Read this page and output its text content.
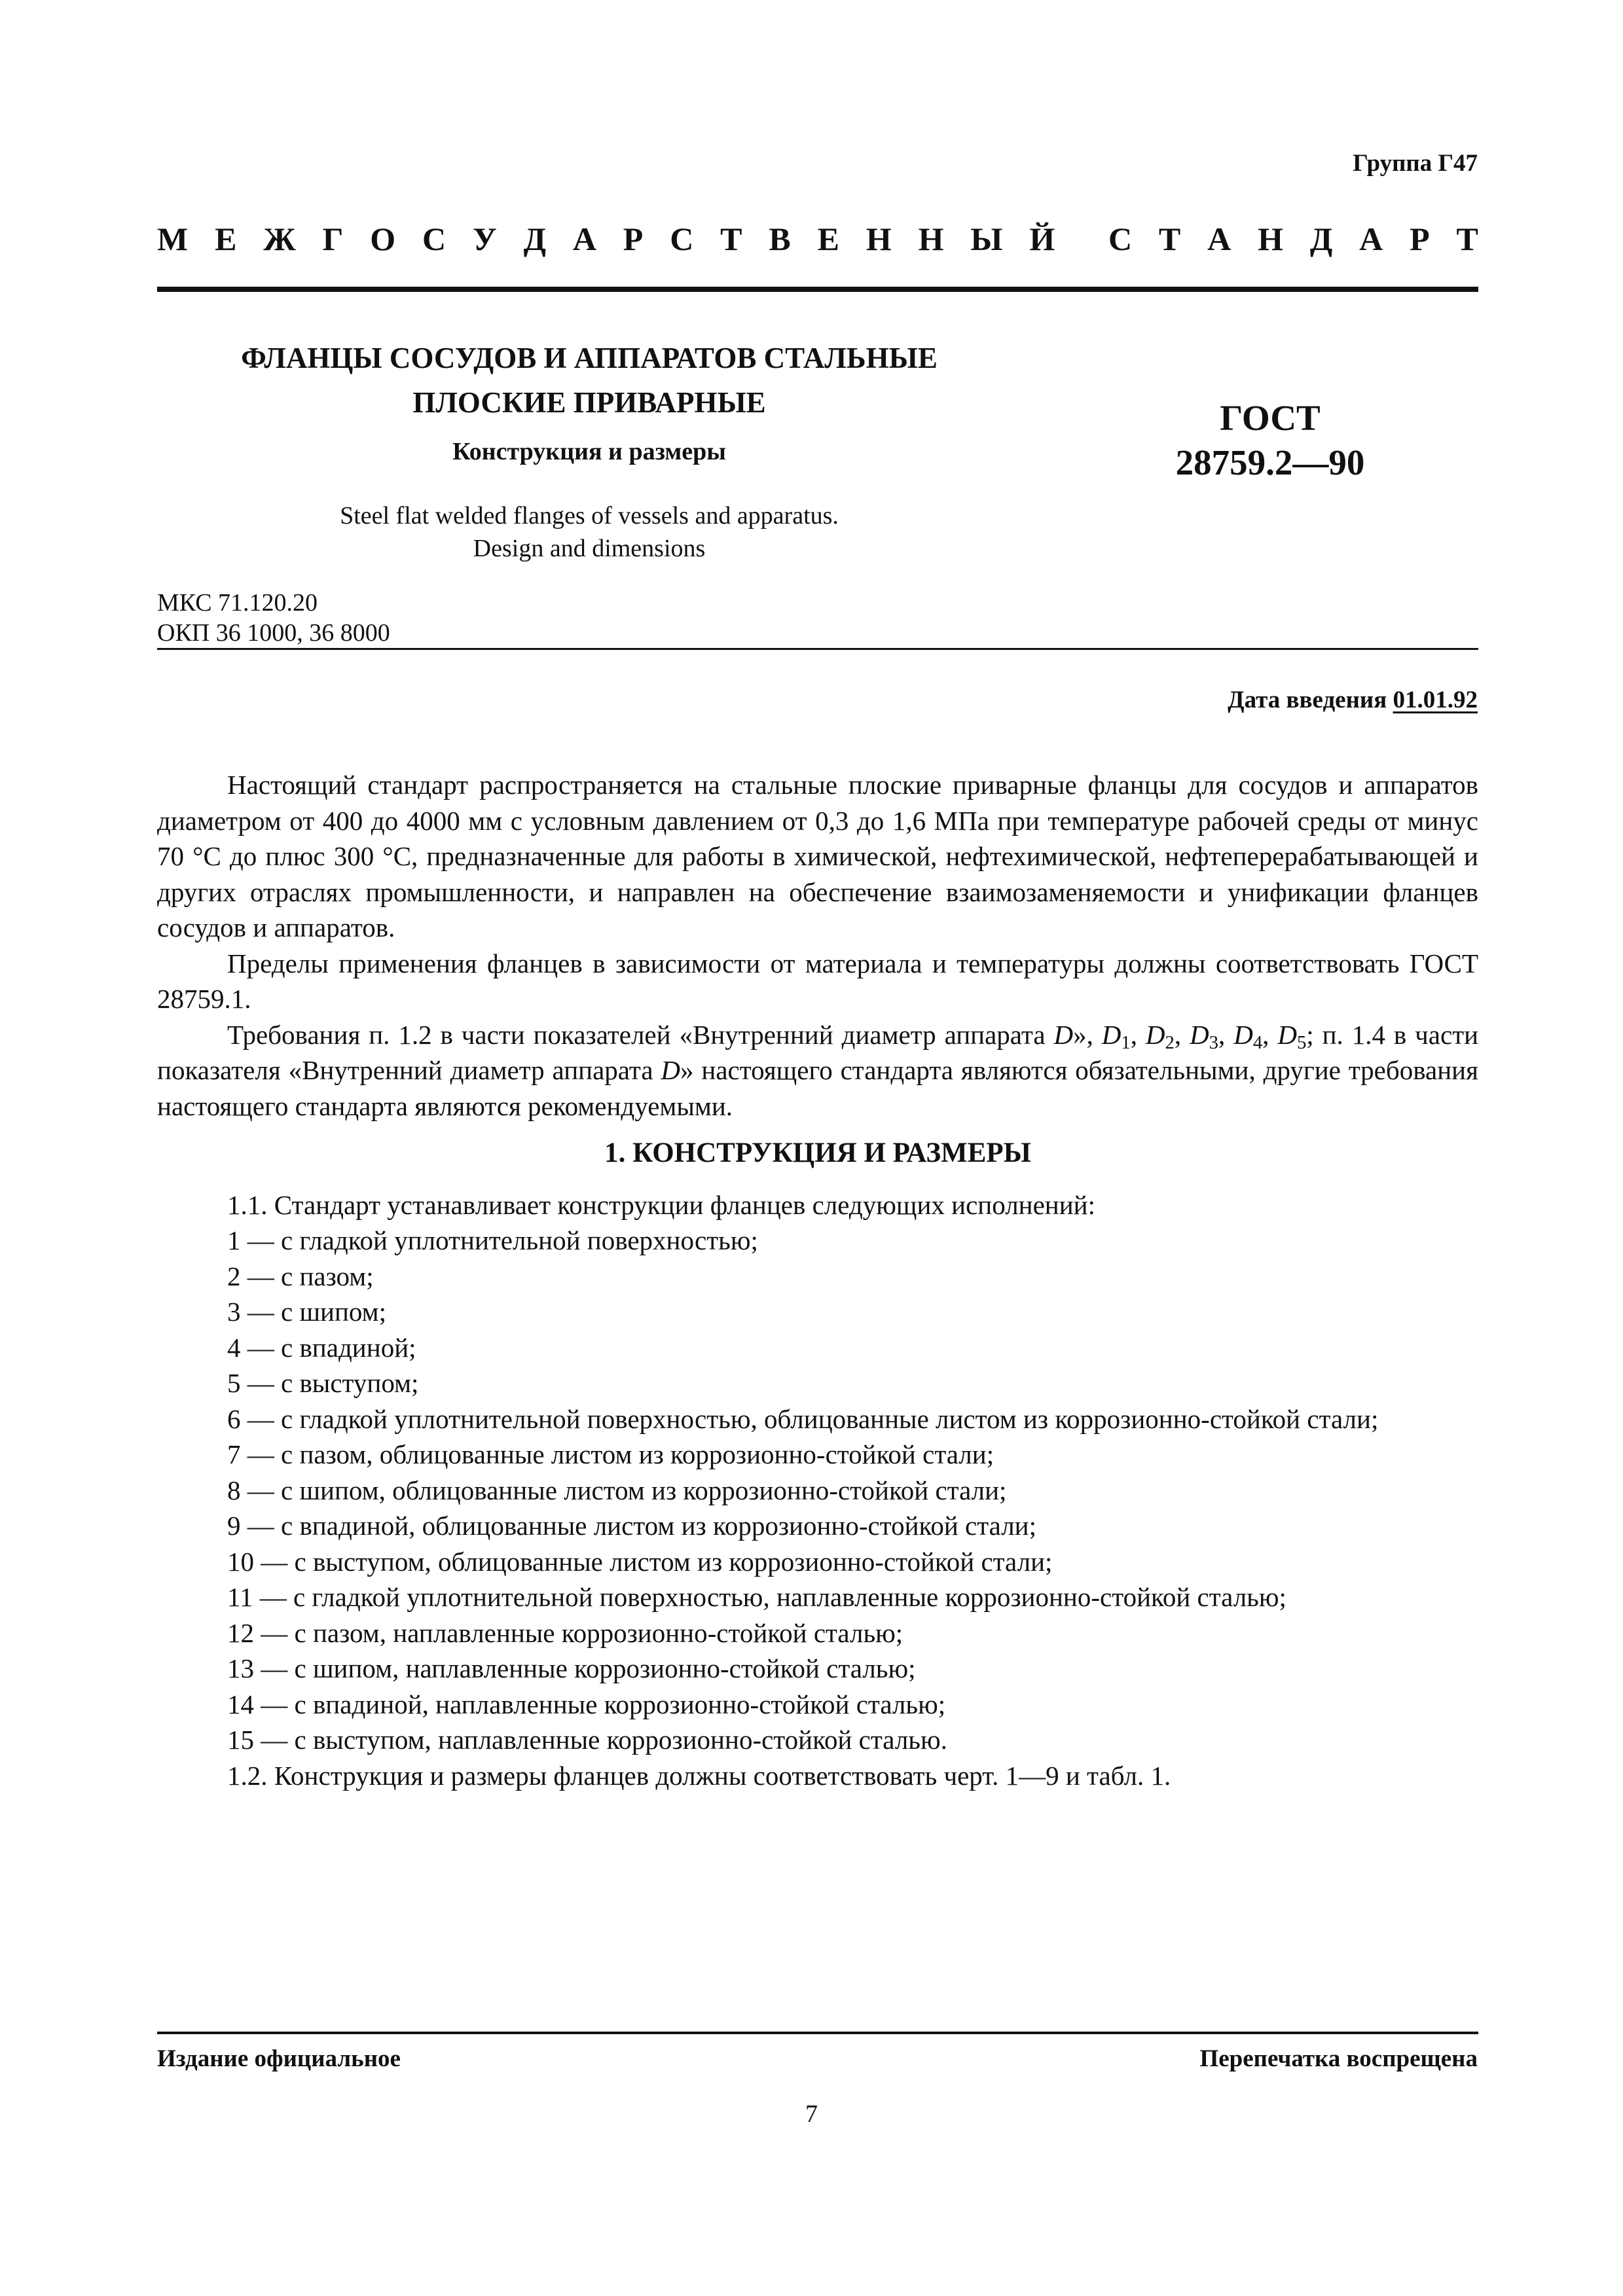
Группа Г47
М Е Ж Г О С У Д А Р С Т В Е Н Н Ы Й С Т А Н Д А Р Т
ФЛАНЦЫ СОСУДОВ И АППАРАТОВ СТАЛЬНЫЕ
ПЛОСКИЕ ПРИВАРНЫЕ
Конструкция и размеры
ГОСТ
28759.2—90
Steel flat welded flanges of vessels and apparatus.
Design and dimensions
МКС 71.120.20
ОКП 36 1000, 36 8000
Дата введения 01.01.92

Настоящий стандарт распространяется на стальные плоские приварные фланцы для сосудов и аппаратов диаметром от 400 до 4000 мм с условным давлением от 0,3 до 1,6 МПа при температуре рабочей среды от минус 70 °С до плюс 300 °С, предназначенные для работы в химической, нефтехимической, нефтеперерабатывающей и других отраслях промышленности, и направлен на обеспечение взаимозаменяемости и унификации фланцев сосудов и аппаратов.

Пределы применения фланцев в зависимости от материала и температуры должны соответствовать ГОСТ 28759.1.

Требования п. 1.2 в части показателей «Внутренний диаметр аппарата D», $D_1$, $D_2$, $D_3$, $D_4$, $D_5$; п. 1.4 в части показателя «Внутренний диаметр аппарата D» настоящего стандарта являются обязательными, другие требования настоящего стандарта являются рекомендуемыми.

1. КОНСТРУКЦИЯ И РАЗМЕРЫ

1.1. Стандарт устанавливает конструкции фланцев следующих исполнений:

1 — с гладкой уплотнительной поверхностью;

2 — с пазом;

3 — с шипом;

4 — с впадиной;

5 — с выступом;

6 — с гладкой уплотнительной поверхностью, облицованные листом из коррозионно-стойкой стали;

7 — с пазом, облицованные листом из коррозионно-стойкой стали;

8 — с шипом, облицованные листом из коррозионно-стойкой стали;

9 — с впадиной, облицованные листом из коррозионно-стойкой стали;

10 — с выступом, облицованные листом из коррозионно-стойкой стали;

11 — с гладкой уплотнительной поверхностью, наплавленные коррозионно-стойкой сталью;

12 — с пазом, наплавленные коррозионно-стойкой сталью;

13 — с шипом, наплавленные коррозионно-стойкой сталью;

14 — с впадиной, наплавленные коррозионно-стойкой сталью;

15 — с выступом, наплавленные коррозионно-стойкой сталью.

1.2. Конструкция и размеры фланцев должны соответствовать черт. 1—9 и табл. 1.

Издание официальное	Перепечатка воспрещена
7
